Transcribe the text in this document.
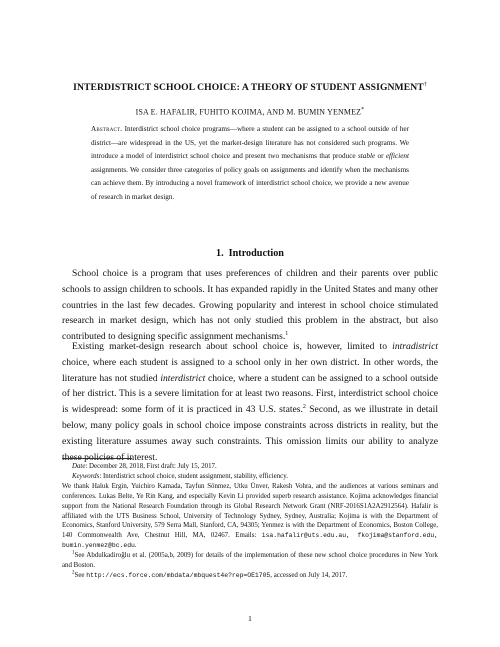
INTERDISTRICT SCHOOL CHOICE: A THEORY OF STUDENT ASSIGNMENT†
ISA E. HAFALIR, FUHITO KOJIMA, AND M. BUMIN YENMEZ*
Abstract. Interdistrict school choice programs—where a student can be assigned to a school outside of her district—are widespread in the US, yet the market-design literature has not considered such programs. We introduce a model of interdistrict school choice and present two mechanisms that produce stable or efficient assignments. We consider three categories of policy goals on assignments and identify when the mechanisms can achieve them. By introducing a novel framework of interdistrict school choice, we provide a new avenue of research in market design.
1. Introduction
School choice is a program that uses preferences of children and their parents over public schools to assign children to schools. It has expanded rapidly in the United States and many other countries in the last few decades. Growing popularity and interest in school choice stimulated research in market design, which has not only studied this problem in the abstract, but also contributed to designing specific assignment mechanisms.$^1$
Existing market-design research about school choice is, however, limited to intradistrict choice, where each student is assigned to a school only in her own district. In other words, the literature has not studied interdistrict choice, where a student can be assigned to a school outside of her district. This is a severe limitation for at least two reasons. First, interdistrict school choice is widespread: some form of it is practiced in 43 U.S. states.$^2$ Second, as we illustrate in detail below, many policy goals in school choice impose constraints across districts in reality, but the existing literature assumes away such constraints. This omission limits our ability to analyze these policies of interest.
Date: December 28, 2018, First draft: July 15, 2017.
Keywords: Interdistrict school choice, student assignment, stability, efficiency.
We thank Haluk Ergin, Yuichiro Kamada, Tayfun Sönmez, Utku Ünver, Rakesh Vohra, and the audiences at various seminars and conferences. Lukas Belte, Ye Rin Kang, and especially Kevin Li provided superb research assistance. Kojima acknowledges financial support from the National Research Foundation through its Global Research Network Grant (NRF-2016S1A2A2912564). Hafalir is affiliated with the UTS Business School, University of Technology Sydney, Sydney, Australia; Kojima is with the Department of Economics, Stanford University, 579 Serra Mall, Stanford, CA, 94305; Yenmez is with the Department of Economics, Boston College, 140 Commonwealth Ave, Chestnut Hill, MA, 02467. Emails: isa.hafalir@uts.edu.au, fkojima@stanford.edu, bumin.yenmez@bc.edu.
$^1$See Abdulkadiroğlu et al. (2005a,b, 2009) for details of the implementation of these new school choice procedures in New York and Boston.
$^2$See http://ecs.force.com/mbdata/mbquest4e?rep=OE1705, accessed on July 14, 2017.
1
